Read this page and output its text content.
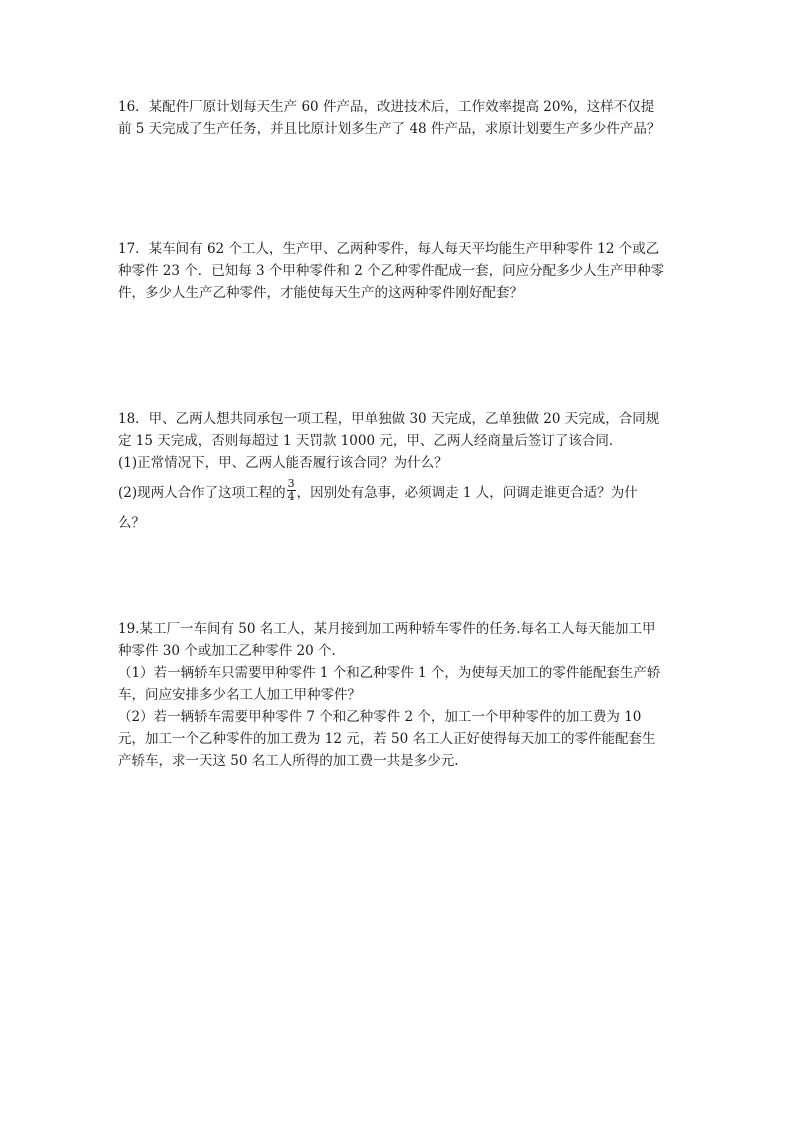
16．某配件厂原计划每天生产 60 件产品，改进技术后，工作效率提高 20%，这样不仅提
前 5 天完成了生产任务，并且比原计划多生产了 48 件产品，求原计划要生产多少件产品？
17．某车间有 62 个工人，生产甲、乙两种零件，每人每天平均能生产甲种零件 12 个或乙
种零件 23 个．已知每 3 个甲种零件和 2 个乙种零件配成一套，问应分配多少人生产甲种零
件，多少人生产乙种零件，才能使每天生产的这两种零件刚好配套？
18．甲、乙两人想共同承包一项工程，甲单独做 30 天完成，乙单独做 20 天完成，合同规
定 15 天完成，否则每超过 1 天罚款 1000 元，甲、乙两人经商量后签订了该合同．
(1)正常情况下，甲、乙两人能否履行该合同？为什么？
(2)现两人合作了这项工程的 $\frac{3}{4}$ ，因别处有急事，必须调走 1 人，问调走谁更合适？为什
么？
19.某工厂一车间有 50 名工人，某月接到加工两种轿车零件的任务.每名工人每天能加工甲
种零件 30 个或加工乙种零件 20 个.
（1）若一辆轿车只需要甲种零件 1 个和乙种零件 1 个，为使每天加工的零件能配套生产轿
车，问应安排多少名工人加工甲种零件？
（2）若一辆轿车需要甲种零件 7 个和乙种零件 2 个，加工一个甲种零件的加工费为 10
元，加工一个乙种零件的加工费为 12 元，若 50 名工人正好使得每天加工的零件能配套生
产轿车，求一天这 50 名工人所得的加工费一共是多少元.
